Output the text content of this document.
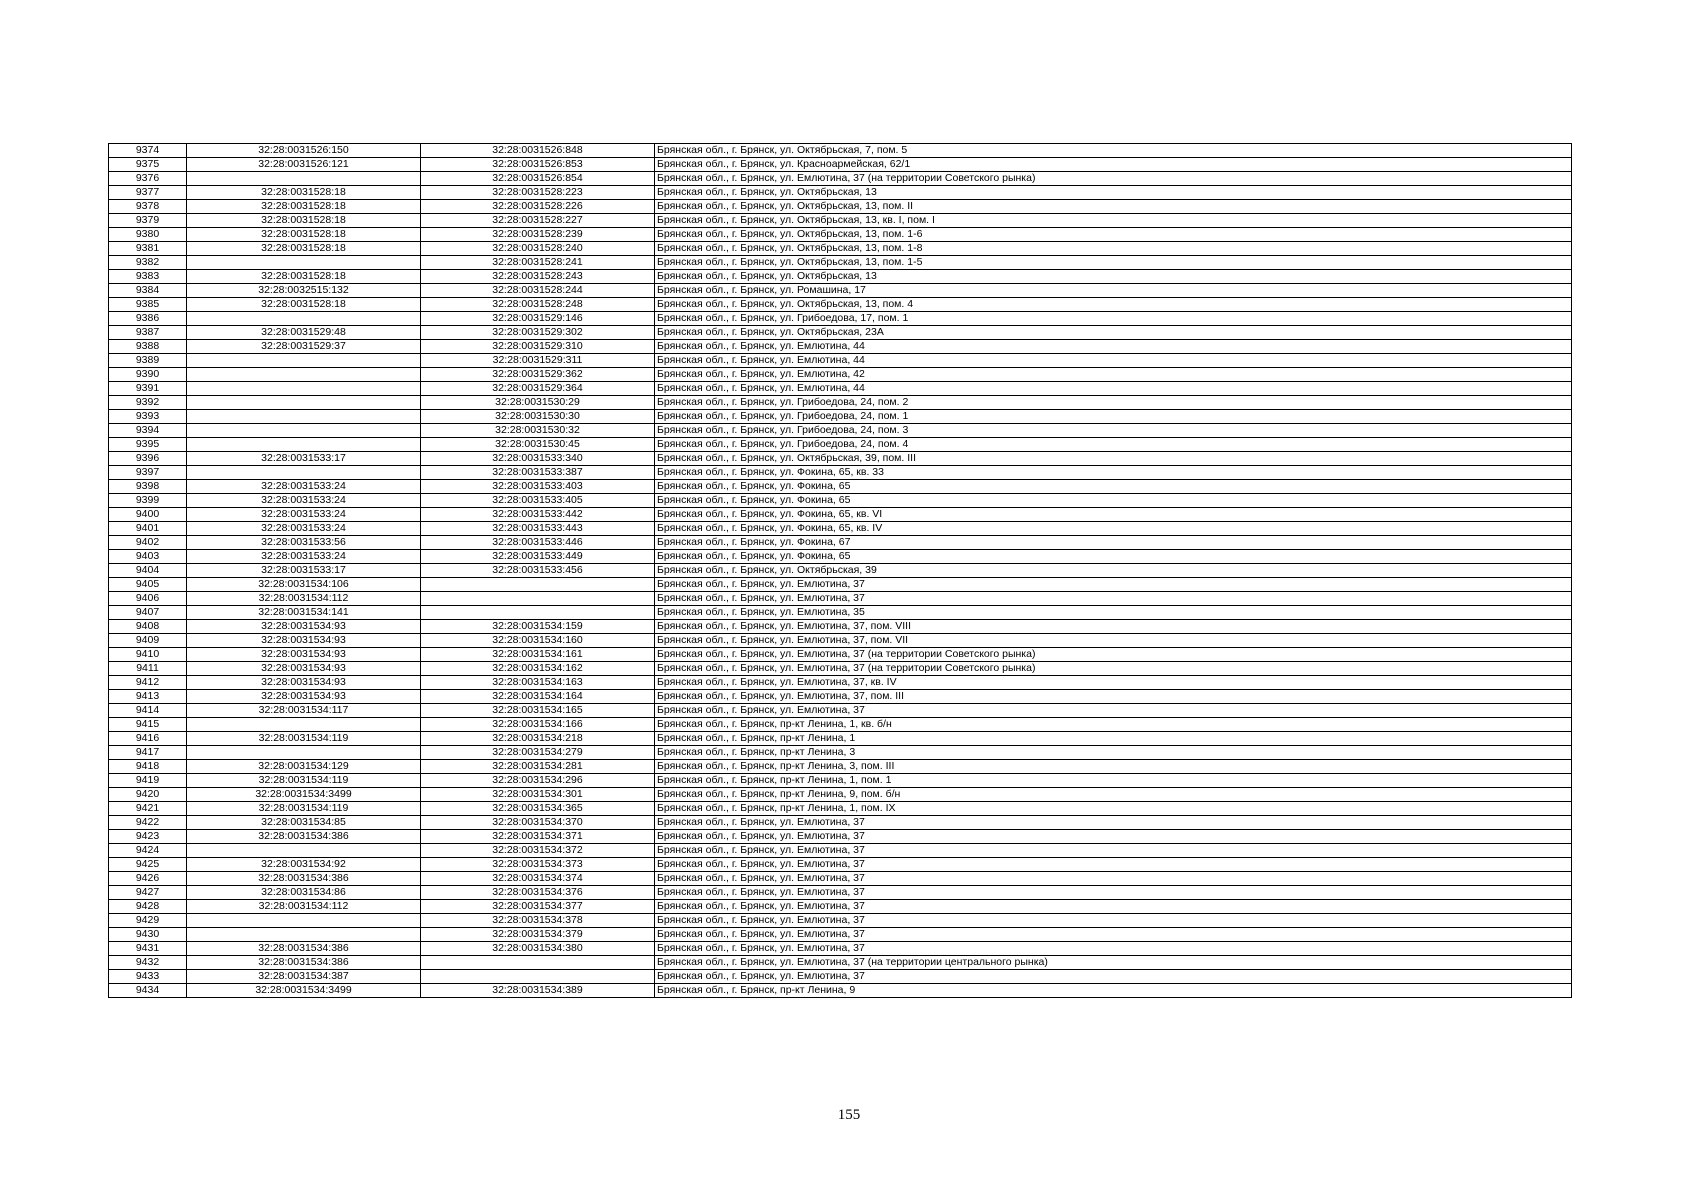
9374	32:28:0031526:150	32:28:0031526:848	Брянская обл., г. Брянск, ул. Октябрьская, 7, пом. 5
9375	32:28:0031526:121	32:28:0031526:853	Брянская обл., г. Брянск, ул. Красноармейская, 62/1
9376		32:28:0031526:854	Брянская обл., г. Брянск, ул. Емлютина, 37 (на территории Советского рынка)
9377	32:28:0031528:18	32:28:0031528:223	Брянская обл., г. Брянск, ул. Октябрьская, 13
9378	32:28:0031528:18	32:28:0031528:226	Брянская обл., г. Брянск, ул. Октябрьская, 13, пом. II
9379	32:28:0031528:18	32:28:0031528:227	Брянская обл., г. Брянск, ул. Октябрьская, 13, кв. I, пом. I
9380	32:28:0031528:18	32:28:0031528:239	Брянская обл., г. Брянск, ул. Октябрьская, 13, пом. 1-6
9381	32:28:0031528:18	32:28:0031528:240	Брянская обл., г. Брянск, ул. Октябрьская, 13, пом. 1-8
9382		32:28:0031528:241	Брянская обл., г. Брянск, ул. Октябрьская, 13, пом. 1-5
9383	32:28:0031528:18	32:28:0031528:243	Брянская обл., г. Брянск, ул. Октябрьская, 13
9384	32:28:0032515:132	32:28:0031528:244	Брянская обл., г. Брянск, ул. Ромашина, 17
9385	32:28:0031528:18	32:28:0031528:248	Брянская обл., г. Брянск, ул. Октябрьская, 13, пом. 4
9386		32:28:0031529:146	Брянская обл., г. Брянск, ул. Грибоедова, 17, пом. 1
9387	32:28:0031529:48	32:28:0031529:302	Брянская обл., г. Брянск, ул. Октябрьская, 23А
9388	32:28:0031529:37	32:28:0031529:310	Брянская обл., г. Брянск, ул. Емлютина, 44
9389		32:28:0031529:311	Брянская обл., г. Брянск, ул. Емлютина, 44
9390		32:28:0031529:362	Брянская обл., г. Брянск, ул. Емлютина, 42
9391		32:28:0031529:364	Брянская обл., г. Брянск, ул. Емлютина, 44
9392		32:28:0031530:29	Брянская обл., г. Брянск, ул. Грибоедова, 24, пом. 2
9393		32:28:0031530:30	Брянская обл., г. Брянск, ул. Грибоедова, 24, пом. 1
9394		32:28:0031530:32	Брянская обл., г. Брянск, ул. Грибоедова, 24, пом. 3
9395		32:28:0031530:45	Брянская обл., г. Брянск, ул. Грибоедова, 24, пом. 4
9396	32:28:0031533:17	32:28:0031533:340	Брянская обл., г. Брянск, ул. Октябрьская, 39, пом. III
9397		32:28:0031533:387	Брянская обл., г. Брянск, ул. Фокина, 65, кв. 33
9398	32:28:0031533:24	32:28:0031533:403	Брянская обл., г. Брянск, ул. Фокина, 65
9399	32:28:0031533:24	32:28:0031533:405	Брянская обл., г. Брянск, ул. Фокина, 65
9400	32:28:0031533:24	32:28:0031533:442	Брянская обл., г. Брянск, ул. Фокина, 65, кв. VI
9401	32:28:0031533:24	32:28:0031533:443	Брянская обл., г. Брянск, ул. Фокина, 65, кв. IV
9402	32:28:0031533:56	32:28:0031533:446	Брянская обл., г. Брянск, ул. Фокина, 67
9403	32:28:0031533:24	32:28:0031533:449	Брянская обл., г. Брянск, ул. Фокина, 65
9404	32:28:0031533:17	32:28:0031533:456	Брянская обл., г. Брянск, ул. Октябрьская, 39
9405	32:28:0031534:106		Брянская обл., г. Брянск, ул. Емлютина, 37
9406	32:28:0031534:112		Брянская обл., г. Брянск, ул. Емлютина, 37
9407	32:28:0031534:141		Брянская обл., г. Брянск, ул. Емлютина, 35
9408	32:28:0031534:93	32:28:0031534:159	Брянская обл., г. Брянск, ул. Емлютина, 37, пом. VIII
9409	32:28:0031534:93	32:28:0031534:160	Брянская обл., г. Брянск, ул. Емлютина, 37, пом. VII
9410	32:28:0031534:93	32:28:0031534:161	Брянская обл., г. Брянск, ул. Емлютина, 37 (на территории Советского рынка)
9411	32:28:0031534:93	32:28:0031534:162	Брянская обл., г. Брянск, ул. Емлютина, 37 (на территории Советского рынка)
9412	32:28:0031534:93	32:28:0031534:163	Брянская обл., г. Брянск, ул. Емлютина, 37, кв. IV
9413	32:28:0031534:93	32:28:0031534:164	Брянская обл., г. Брянск, ул. Емлютина, 37, пом. III
9414	32:28:0031534:117	32:28:0031534:165	Брянская обл., г. Брянск, ул. Емлютина, 37
9415		32:28:0031534:166	Брянская обл., г. Брянск, пр-кт Ленина, 1, кв. б/н
9416	32:28:0031534:119	32:28:0031534:218	Брянская обл., г. Брянск, пр-кт Ленина, 1
9417		32:28:0031534:279	Брянская обл., г. Брянск, пр-кт Ленина, 3
9418	32:28:0031534:129	32:28:0031534:281	Брянская обл., г. Брянск, пр-кт Ленина, 3, пом. III
9419	32:28:0031534:119	32:28:0031534:296	Брянская обл., г. Брянск, пр-кт Ленина, 1, пом. 1
9420	32:28:0031534:3499	32:28:0031534:301	Брянская обл., г. Брянск, пр-кт Ленина, 9, пом. б/н
9421	32:28:0031534:119	32:28:0031534:365	Брянская обл., г. Брянск, пр-кт Ленина, 1, пом. IX
9422	32:28:0031534:85	32:28:0031534:370	Брянская обл., г. Брянск, ул. Емлютина, 37
9423	32:28:0031534:386	32:28:0031534:371	Брянская обл., г. Брянск, ул. Емлютина, 37
9424		32:28:0031534:372	Брянская обл., г. Брянск, ул. Емлютина, 37
9425	32:28:0031534:92	32:28:0031534:373	Брянская обл., г. Брянск, ул. Емлютина, 37
9426	32:28:0031534:386	32:28:0031534:374	Брянская обл., г. Брянск, ул. Емлютина, 37
9427	32:28:0031534:86	32:28:0031534:376	Брянская обл., г. Брянск, ул. Емлютина, 37
9428	32:28:0031534:112	32:28:0031534:377	Брянская обл., г. Брянск, ул. Емлютина, 37
9429		32:28:0031534:378	Брянская обл., г. Брянск, ул. Емлютина, 37
9430		32:28:0031534:379	Брянская обл., г. Брянск, ул. Емлютина, 37
9431	32:28:0031534:386	32:28:0031534:380	Брянская обл., г. Брянск, ул. Емлютина, 37
9432	32:28:0031534:386		Брянская обл., г. Брянск, ул. Емлютина, 37 (на территории центрального рынка)
9433	32:28:0031534:387		Брянская обл., г. Брянск, ул. Емлютина, 37
9434	32:28:0031534:3499	32:28:0031534:389	Брянская обл., г. Брянск, пр-кт Ленина, 9
155
